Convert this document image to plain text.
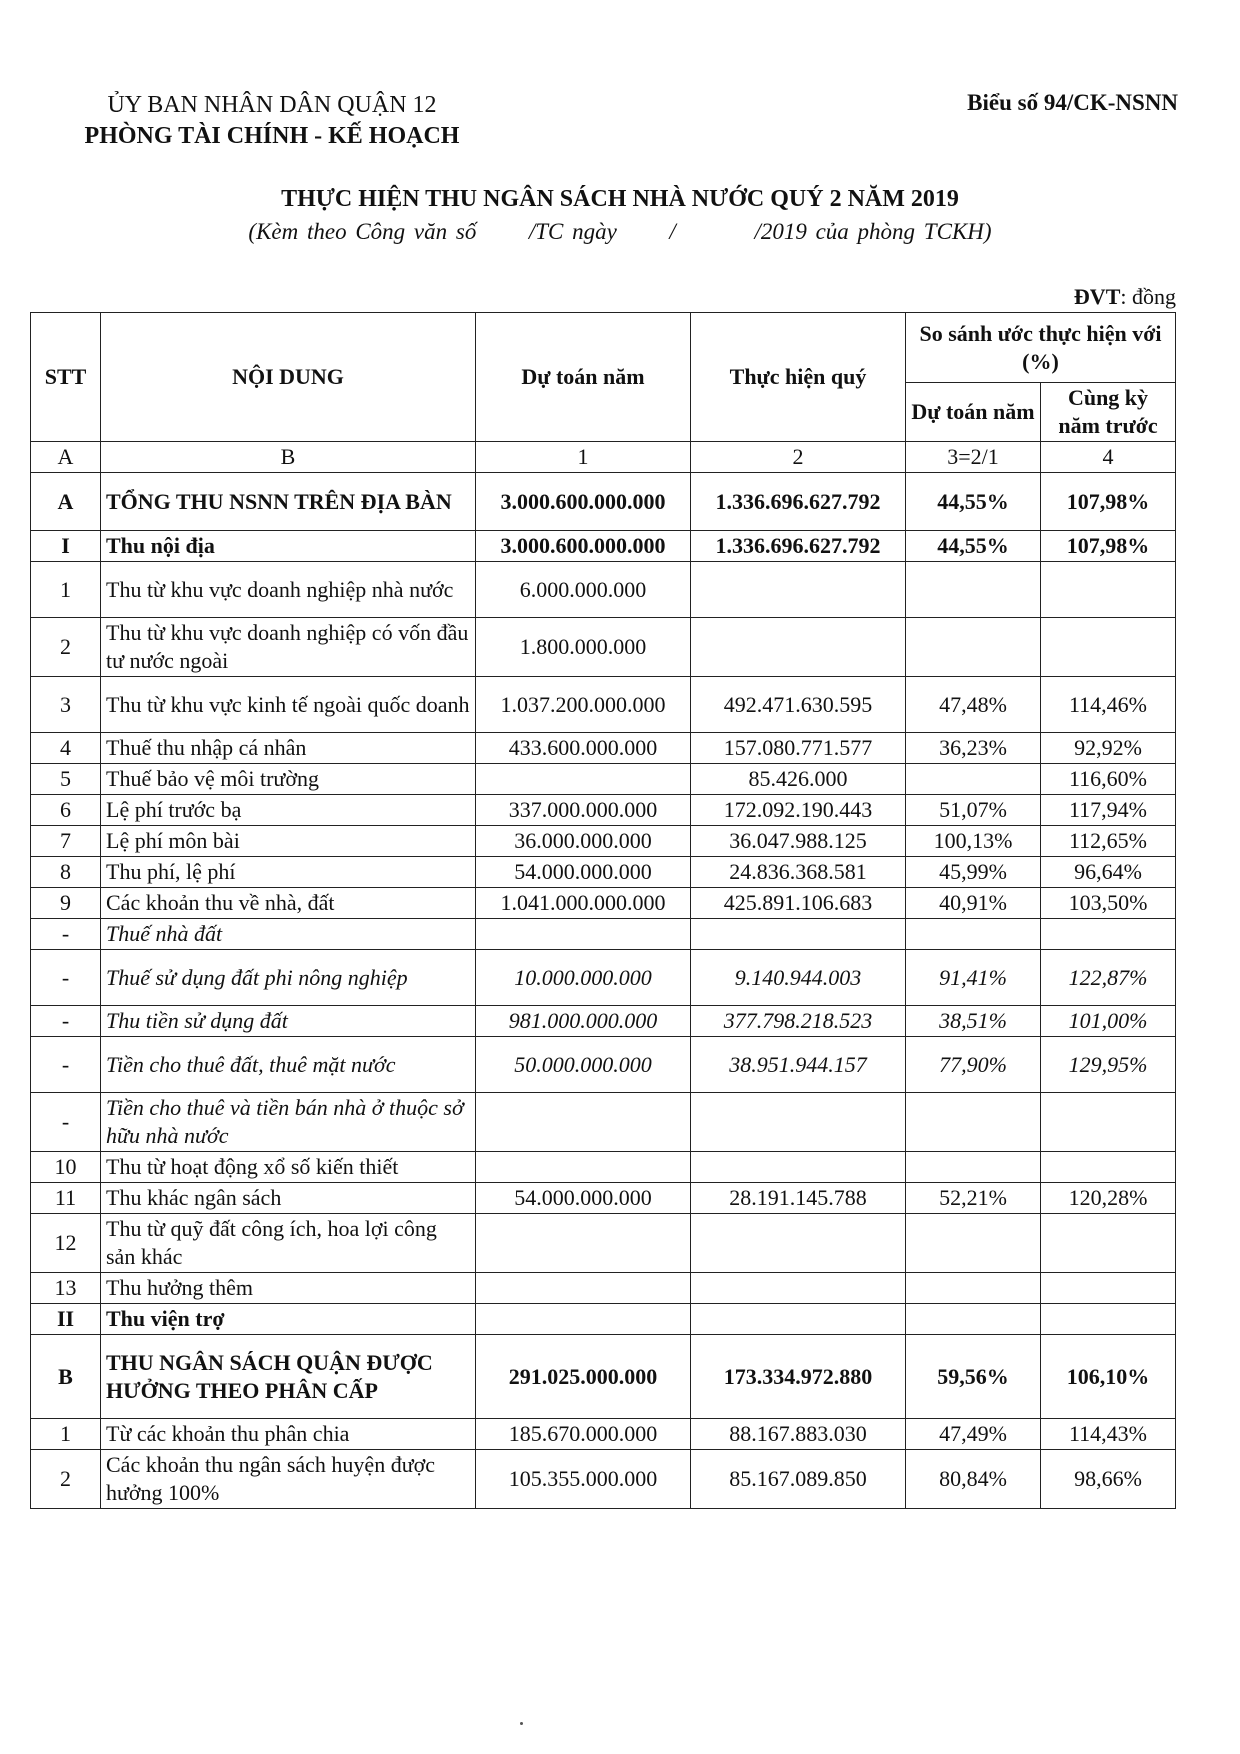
ỦY BAN NHÂN DÂN QUẬN 12
PHÒNG TÀI CHÍNH - KẾ HOẠCH
Biểu số 94/CK-NSNN
THỰC HIỆN THU NGÂN SÁCH NHÀ NƯỚC QUÝ 2 NĂM 2019
(Kèm theo Công văn số      /TC ngày      /         /2019 của phòng TCKH)
ĐVT: đồng
STT	NỘI DUNG	Dự toán năm	Thực hiện quý	So sánh ước thực hiện với (%)	
				Dự toán năm	Cùng kỳ năm trước
A	B	1	2	3=2/1	4
A	TỔNG THU NSNN TRÊN ĐỊA BÀN	3.000.600.000.000	1.336.696.627.792	44,55%	107,98%
I	Thu nội địa	3.000.600.000.000	1.336.696.627.792	44,55%	107,98%
1	Thu từ khu vực doanh nghiệp nhà nước	6.000.000.000			
2	Thu từ khu vực doanh nghiệp có vốn đầu tư nước ngoài	1.800.000.000			
3	Thu từ khu vực kinh tế ngoài quốc doanh	1.037.200.000.000	492.471.630.595	47,48%	114,46%
4	Thuế thu nhập cá nhân	433.600.000.000	157.080.771.577	36,23%	92,92%
5	Thuế bảo vệ môi trường		85.426.000		116,60%
6	Lệ phí trước bạ	337.000.000.000	172.092.190.443	51,07%	117,94%
7	Lệ phí môn bài	36.000.000.000	36.047.988.125	100,13%	112,65%
8	Thu phí, lệ phí	54.000.000.000	24.836.368.581	45,99%	96,64%
9	Các khoản thu về nhà, đất	1.041.000.000.000	425.891.106.683	40,91%	103,50%
-	Thuế nhà đất				
-	Thuế sử dụng đất phi nông nghiệp	10.000.000.000	9.140.944.003	91,41%	122,87%
-	Thu tiền sử dụng đất	981.000.000.000	377.798.218.523	38,51%	101,00%
-	Tiền cho thuê đất, thuê mặt nước	50.000.000.000	38.951.944.157	77,90%	129,95%
-	Tiền cho thuê và tiền bán nhà ở thuộc sở hữu nhà nước				
10	Thu từ hoạt động xổ số kiến thiết				
11	Thu khác ngân sách	54.000.000.000	28.191.145.788	52,21%	120,28%
12	Thu từ quỹ đất công ích, hoa lợi công sản khác				
13	Thu hưởng thêm				
II	Thu viện trợ				
B	THU NGÂN SÁCH QUẬN ĐƯỢC HƯỞNG THEO PHÂN CẤP	291.025.000.000	173.334.972.880	59,56%	106,10%
1	Từ các khoản thu phân chia	185.670.000.000	88.167.883.030	47,49%	114,43%
2	Các khoản thu ngân sách huyện được hưởng 100%	105.355.000.000	85.167.089.850	80,84%	98,66%
